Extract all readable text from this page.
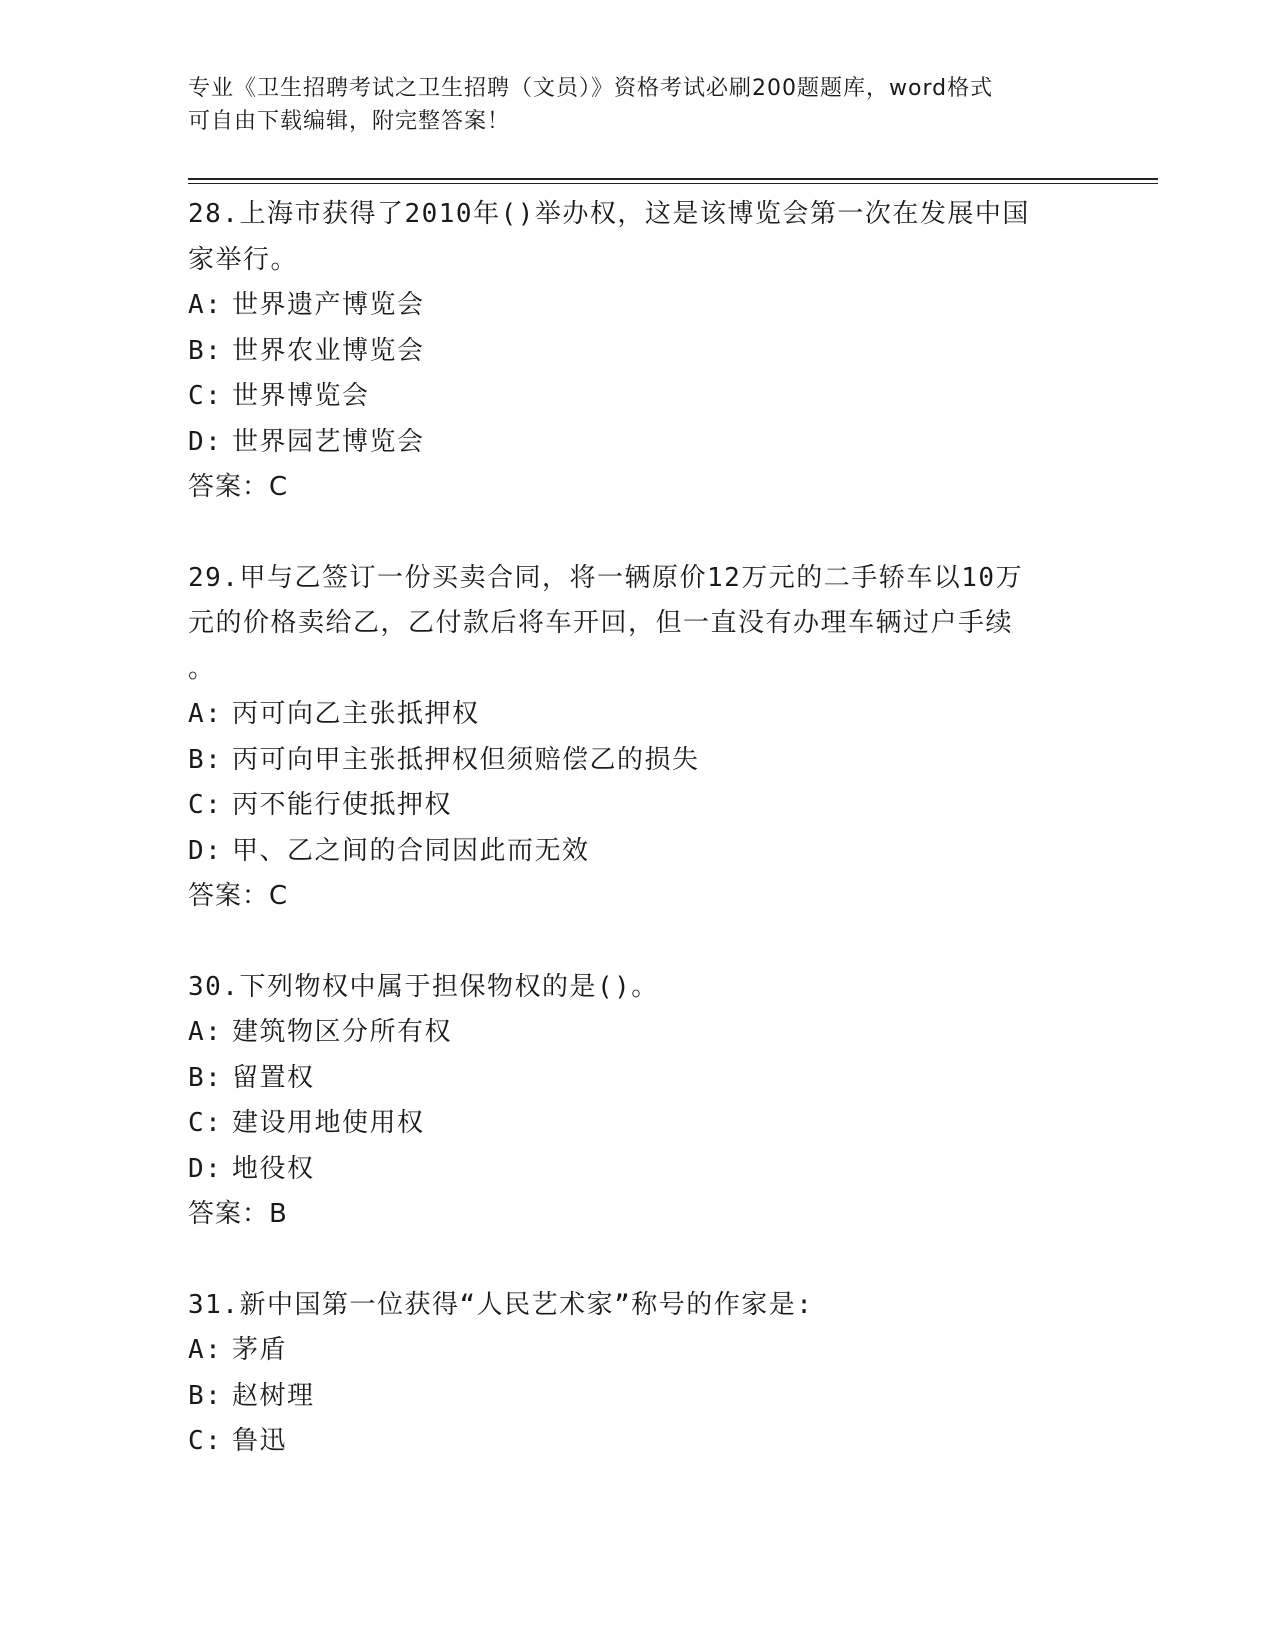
专业《卫生招聘考试之卫生招聘（文员）》资格考试必刷200题题库，word格式
可自由下载编辑，附完整答案！

28.上海市获得了2010年()举办权，这是该博览会第一次在发展中国

家举行。

A: 世界遗产博览会

B: 世界农业博览会

C: 世界博览会

D: 世界园艺博览会

答案：C

29.甲与乙签订一份买卖合同，将一辆原价12万元的二手轿车以10万

元的价格卖给乙，乙付款后将车开回，但一直没有办理车辆过户手续

。

A: 丙可向乙主张抵押权

B: 丙可向甲主张抵押权但须赔偿乙的损失

C: 丙不能行使抵押权

D: 甲、乙之间的合同因此而无效

答案：C

30.下列物权中属于担保物权的是()。

A: 建筑物区分所有权

B: 留置权

C: 建设用地使用权

D: 地役权

答案：B

31.新中国第一位获得“人民艺术家”称号的作家是:

A: 茅盾

B: 赵树理

C: 鲁迅
